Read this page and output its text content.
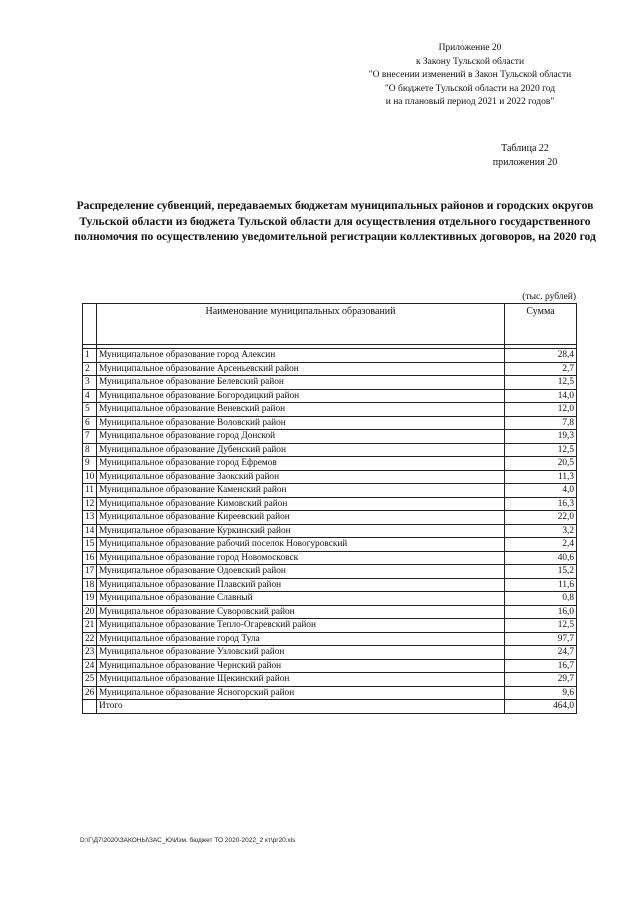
Приложение 20
к Закону Тульской области
"О внесении изменений в Закон Тульской области
"О бюджете Тульской области на 2020 год
и на плановый период 2021 и 2022 годов"
Таблица 22
приложения 20
Распределение субвенций, передаваемых бюджетам муниципальных районов и городских округов Тульской области из бюджета Тульской области для осуществления отдельного государственного полномочия по осуществлению уведомительной регистрации коллективных договоров, на 2020 год
(тыс. рублей)
	Наименование муниципальных образований	Сумма

1	Муниципальное образование город Алексин	28,4
2	Муниципальное образование Арсеньевский район	2,7
3	Муниципальное образование Белевский район	12,5
4	Муниципальное образование Богородицкий район	14,0
5	Муниципальное образование Веневский район	12,0
6	Муниципальное образование Воловский район	7,8
7	Муниципальное образование город Донской	19,3
8	Муниципальное образование Дубенский район	12,5
9	Муниципальное образование город Ефремов	20,5
10	Муниципальное образование Заокский район	11,3
11	Муниципальное образование Каменский район	4,0
12	Муниципальное образование Кимовский район	16,3
13	Муниципальное образование Киреевский район	22,0
14	Муниципальное образование Куркинский район	3,2
15	Муниципальное образование рабочий поселок Новогуровский	2,4
16	Муниципальное образование город Новомосковск	40,6
17	Муниципальное образование Одоевский район	15,2
18	Муниципальное образование Плавский район	11,6
19	Муниципальное образование Славный	0,8
20	Муниципальное образование Суворовский район	16,0
21	Муниципальное образование Тепло-Огаревский район	12,5
22	Муниципальное образование город Тула	97,7
23	Муниципальное образование Узловский район	24,7
24	Муниципальное образование Чернский район	16,7
25	Муниципальное образование Щекинский район	29,7
26	Муниципальное образование Ясногорский район	9,6
	Итого	464,0
D:\Г\Д7\2020\ЗАКОНЫ\ЗАС_Ю\Изм. бюджет ТО 2020-2022_2 кт\pr20.xls
